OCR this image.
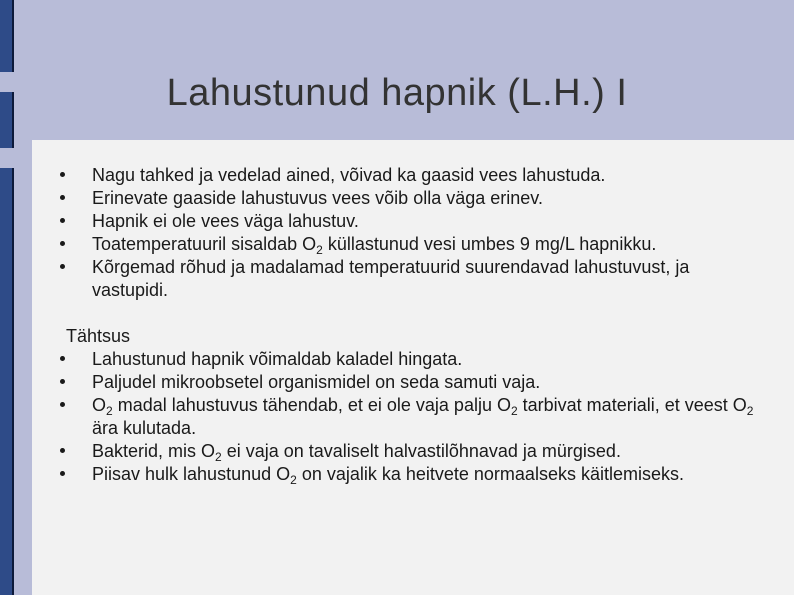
Lahustunud hapnik (L.H.) I
Nagu tahked ja vedelad ained, võivad ka gaasid vees lahustuda.
Erinevate gaaside lahustuvus vees võib olla väga erinev.
Hapnik ei ole vees väga lahustuv.
Toatemperatuuril sisaldab $O_2$ küllastunud vesi umbes 9 mg/L hapnikku.
Kõrgemad rõhud ja madalamad temperatuurid suurendavad lahustuvust, ja vastupidi.
Tähtsus
Lahustunud hapnik võimaldab kaladel hingata.
Paljudel mikroobsetel organismidel on seda samuti vaja.
$O_2$ madal lahustuvus tähendab, et ei ole vaja palju $O_2$ tarbivat materiali, et veest $O_2$ ära kulutada.
Bakterid, mis $O_2$ ei vaja on tavaliselt halvastilõhnavad ja mürgised.
Piisav hulk lahustunud $O_2$ on vajalik ka heitvete normaalseks käitlemiseks.
